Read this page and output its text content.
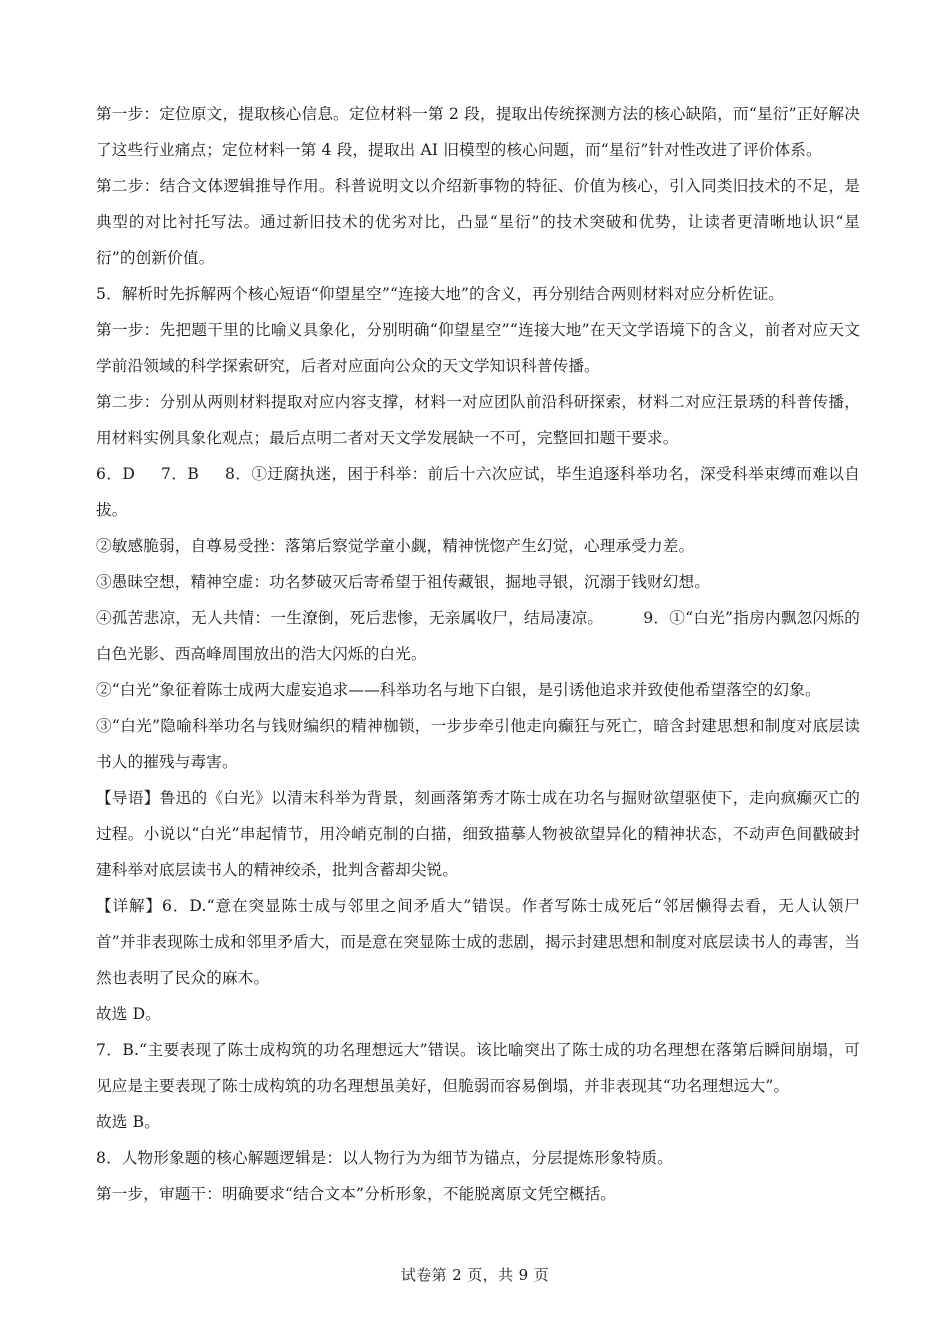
第一步：定位原文，提取核心信息。定位材料一第 2 段，提取出传统探测方法的核心缺陷，而“星衍”正好解决了这些行业痛点；定位材料一第 4 段，提取出 AI 旧模型的核心问题，而“星衍”针对性改进了评价体系。

第二步：结合文体逻辑推导作用。科普说明文以介绍新事物的特征、价值为核心，引入同类旧技术的不足，是典型的对比衬托写法。通过新旧技术的优劣对比，凸显“星衍”的技术突破和优势，让读者更清晰地认识“星衍”的创新价值。

5．解析时先拆解两个核心短语“仰望星空”“连接大地”的含义，再分别结合两则材料对应分析佐证。

第一步：先把题干里的比喻义具象化，分别明确“仰望星空”“连接大地”在天文学语境下的含义，前者对应天文学前沿领域的科学探索研究，后者对应面向公众的天文学知识科普传播。

第二步：分别从两则材料提取对应内容支撑，材料一对应团队前沿科研探索，材料二对应汪景琇的科普传播，用材料实例具象化观点；最后点明二者对天文学发展缺一不可，完整回扣题干要求。

6．D 7．B 8．①迂腐执迷，困于科举：前后十六次应试，毕生追逐科举功名，深受科举束缚而难以自拔。

②敏感脆弱，自尊易受挫：落第后察觉学童小觑，精神恍惚产生幻觉，心理承受力差。

③愚昧空想，精神空虚：功名梦破灭后寄希望于祖传藏银，掘地寻银，沉溺于钱财幻想。

④孤苦悲凉，无人共情：一生潦倒，死后悲惨，无亲属收尸，结局凄凉。	9．①“白光”指房内飘忽闪烁的白色光影、西高峰周围放出的浩大闪烁的白光。

②“白光”象征着陈士成两大虚妄追求——科举功名与地下白银，是引诱他追求并致使他希望落空的幻象。

③“白光”隐喻科举功名与钱财编织的精神枷锁，一步步牵引他走向癫狂与死亡，暗含封建思想和制度对底层读书人的摧残与毒害。

【导语】鲁迅的《白光》以清末科举为背景，刻画落第秀才陈士成在功名与掘财欲望驱使下，走向疯癫灭亡的过程。小说以“白光”串起情节，用冷峭克制的白描，细致描摹人物被欲望异化的精神状态，不动声色间戳破封建科举对底层读书人的精神绞杀，批判含蓄却尖锐。

【详解】6．D.“意在突显陈士成与邻里之间矛盾大”错误。作者写陈士成死后“邻居懒得去看，无人认领尸首”并非表现陈士成和邻里矛盾大，而是意在突显陈士成的悲剧，揭示封建思想和制度对底层读书人的毒害，当然也表明了民众的麻木。

故选 D。

7．B.“主要表现了陈士成构筑的功名理想远大”错误。该比喻突出了陈士成的功名理想在落第后瞬间崩塌，可见应是主要表现了陈士成构筑的功名理想虽美好，但脆弱而容易倒塌，并非表现其“功名理想远大”。

故选 B。

8．人物形象题的核心解题逻辑是：以人物行为为细节为锚点，分层提炼形象特质。

第一步，审题干：明确要求“结合文本”分析形象，不能脱离原文凭空概括。

试卷第 2 页，共 9 页
